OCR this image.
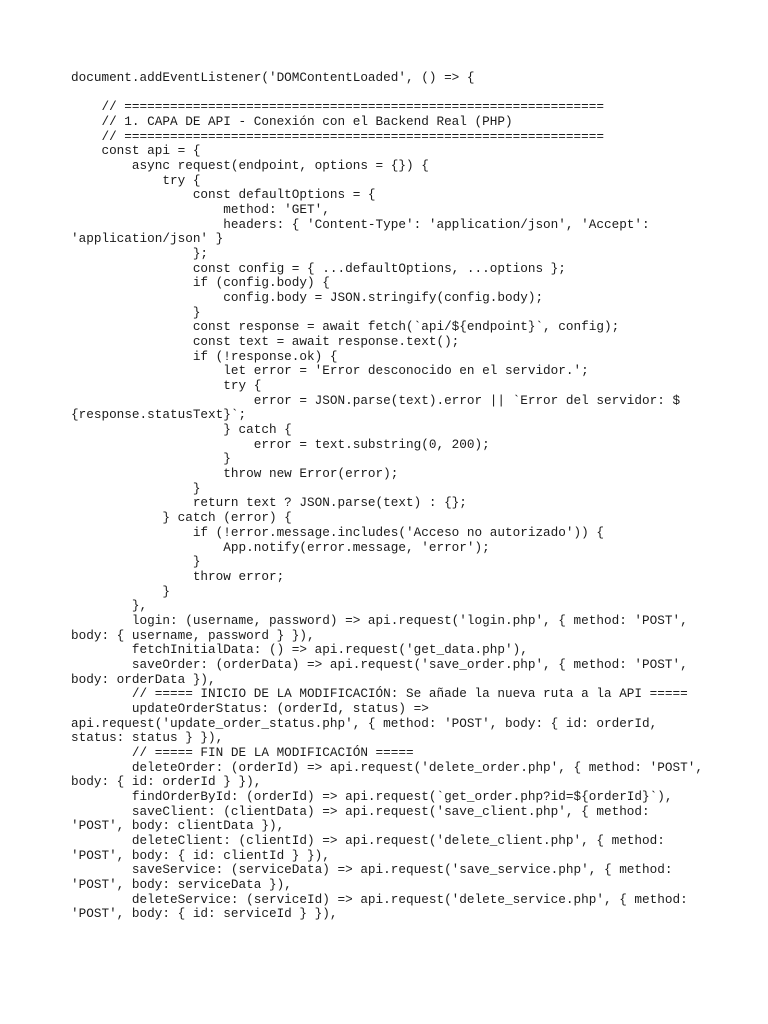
document.addEventListener('DOMContentLoaded', () => {
// ===============================================================
// 1. CAPA DE API - Conexión con el Backend Real (PHP)
// ===============================================================
const api = {
async request(endpoint, options = {}) {
try {
const defaultOptions = {
method: 'GET',
headers: { 'Content-Type': 'application/json', 'Accept':
'application/json' }
};
const config = { ...defaultOptions, ...options };
if (config.body) {
config.body = JSON.stringify(config.body);
}
const response = await fetch(`api/${endpoint}`, config);
const text = await response.text();
if (!response.ok) {
let error = 'Error desconocido en el servidor.';
try {
error = JSON.parse(text).error || `Error del servidor: $
{response.statusText}`;
} catch {
error = text.substring(0, 200);
}
throw new Error(error);
}
return text ? JSON.parse(text) : {};
} catch (error) {
if (!error.message.includes('Acceso no autorizado')) {
App.notify(error.message, 'error');
}
throw error;
}
},
login: (username, password) => api.request('login.php', { method: 'POST',
body: { username, password } }),
fetchInitialData: () => api.request('get_data.php'),
saveOrder: (orderData) => api.request('save_order.php', { method: 'POST',
body: orderData }),
// ===== INICIO DE LA MODIFICACIÓN: Se añade la nueva ruta a la API =====
updateOrderStatus: (orderId, status) =>
api.request('update_order_status.php', { method: 'POST', body: { id: orderId,
status: status } }),
// ===== FIN DE LA MODIFICACIÓN =====
deleteOrder: (orderId) => api.request('delete_order.php', { method: 'POST',
body: { id: orderId } }),
findOrderById: (orderId) => api.request(`get_order.php?id=${orderId}`),
saveClient: (clientData) => api.request('save_client.php', { method:
'POST', body: clientData }),
deleteClient: (clientId) => api.request('delete_client.php', { method:
'POST', body: { id: clientId } }),
saveService: (serviceData) => api.request('save_service.php', { method:
'POST', body: serviceData }),
deleteService: (serviceId) => api.request('delete_service.php', { method:
'POST', body: { id: serviceId } }),
